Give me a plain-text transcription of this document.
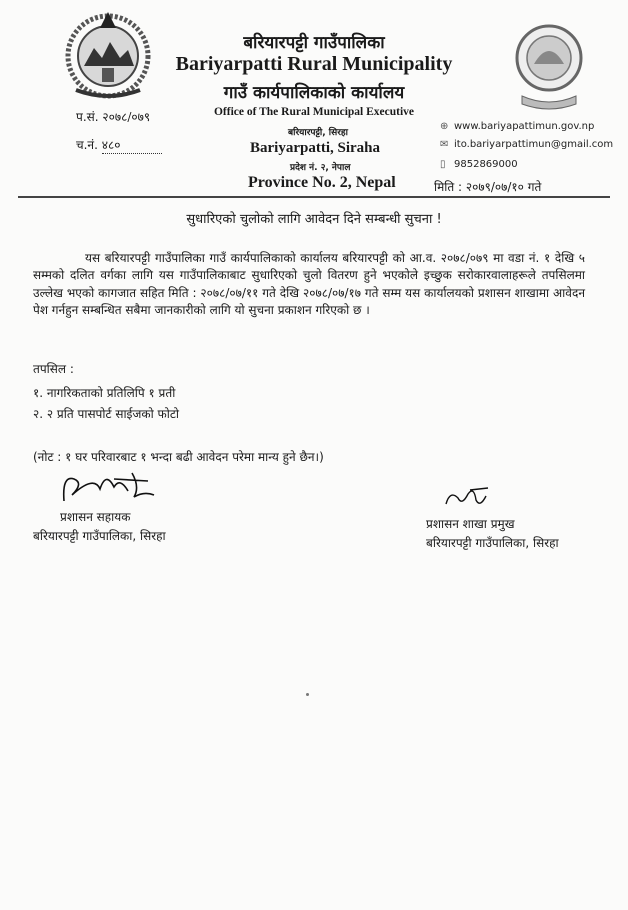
बरियारपट्टी गाउँपालिका
Bariyarpatti Rural Municipality
गाउँ कार्यपालिकाको कार्यालय
Office of The Rural Municipal Executive
प.सं. २०७८/०७९
च.नं. ४८०
बरियारपट्टी, सिरहा
Bariyarpatti, Siraha
प्रदेश नं. २, नेपाल
Province No. 2, Nepal
⊕ www.bariyapattimun.gov.np
✉ ito.bariyarpattimun@gmail.com
▯ 9852869000
मिति : २०७९/०७/१० गते
सुधारिएको चुलोको लागि आवेदन दिने सम्बन्धी सुचना !
यस बरियारपट्टी गाउँपालिका गाउँ कार्यपालिकाको कार्यालय बरियारपट्टी को आ.व. २०७८/०७९ मा वडा नं. १ देखि ५ सम्मको दलित वर्गका लागि यस गाउँपालिकाबाट सुधारिएको चुलो वितरण हुने भएकोले इच्छुक सरोकारवालाहरूले तपसिलमा उल्लेख भएको कागजात सहित मिति : २०७८/०७/११ गते देखि २०७८/०७/१७ गते सम्म यस कार्यालयको प्रशासन शाखामा आवेदन पेश गर्नहुन सम्बन्धित सबैमा जानकारीको लागि यो सुचना प्रकाशन गरिएको छ ।
तपसिल :
१. नागरिकताको प्रतिलिपि १ प्रती
२. २ प्रति पासपोर्ट साईजको फोटो
(नोट : १ घर परिवारबाट १ भन्दा बढी आवेदन परेमा मान्य हुने छैन।)
प्रशासन सहायक
बरियारपट्टी गाउँपालिका, सिरहा
प्रशासन शाखा प्रमुख
बरियारपट्टी गाउँपालिका, सिरहा
